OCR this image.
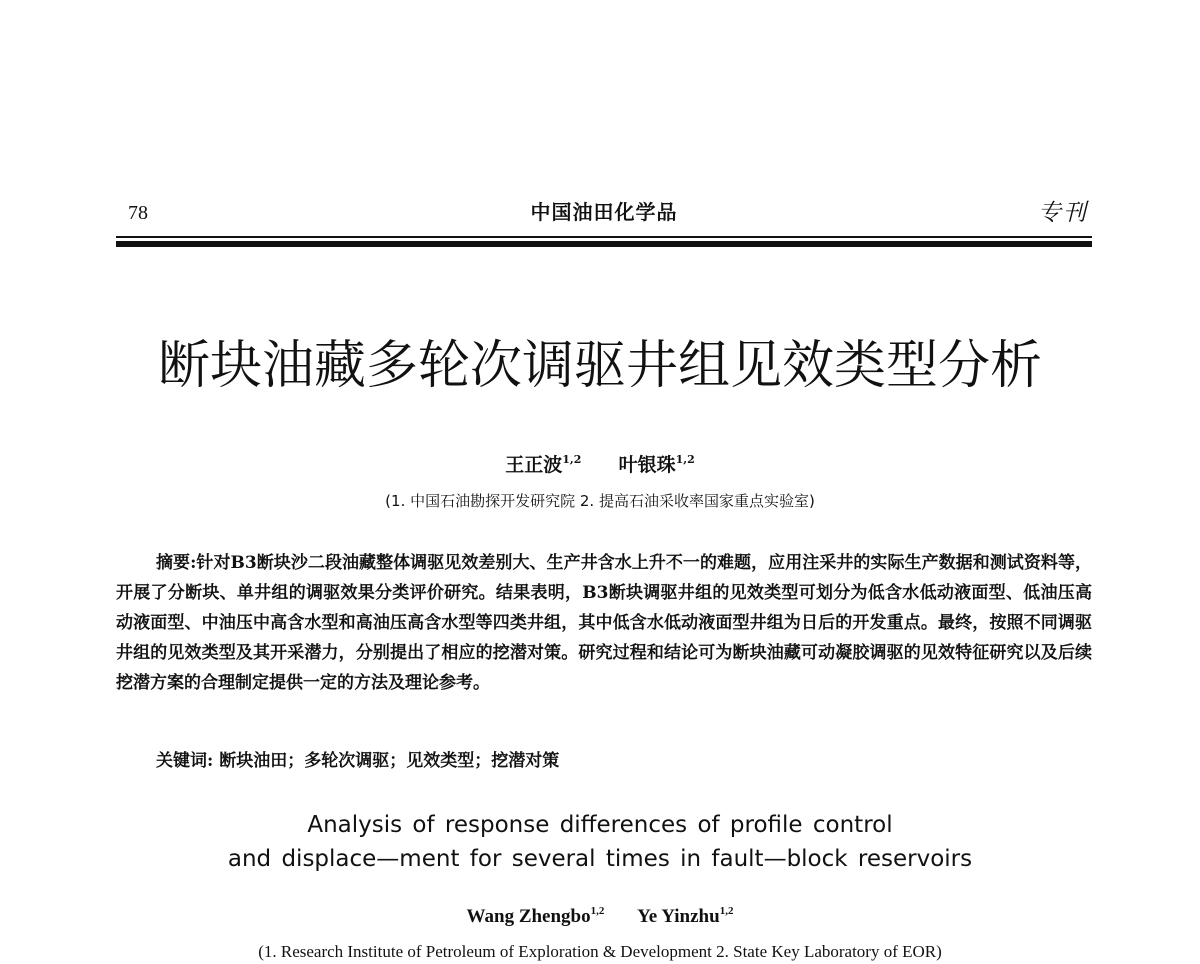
78	中国油田化学品	专刊
断块油藏多轮次调驱井组见效类型分析
王正波$^{1,2}$ 叶银珠$^{1,2}$
(1. 中国石油勘探开发研究院 2. 提高石油采收率国家重点实验室)

摘要:针对B3断块沙二段油藏整体调驱见效差别大、生产井含水上升不一的难题，应用注采井的实际生产数据和测试资料等，开展了分断块、单井组的调驱效果分类评价研究。结果表明，B3断块调驱井组的见效类型可划分为低含水低动液面型、低油压高动液面型、中油压中高含水型和高油压高含水型等四类井组，其中低含水低动液面型井组为日后的开发重点。最终，按照不同调驱井组的见效类型及其开采潜力，分别提出了相应的挖潜对策。研究过程和结论可为断块油藏可动凝胶调驱的见效特征研究以及后续挖潜方案的合理制定提供一定的方法及理论参考。

关键词: 断块油田；多轮次调驱；见效类型；挖潜对策

Analysis of response differences of profile control
and displace—ment for several times in fault—block reservoirs
Wang Zhengbo$^{1,2}$ Ye Yinzhu$^{1,2}$
(1. Research Institute of Petroleum of Exploration & Development 2. State Key Laboratory of EOR)
